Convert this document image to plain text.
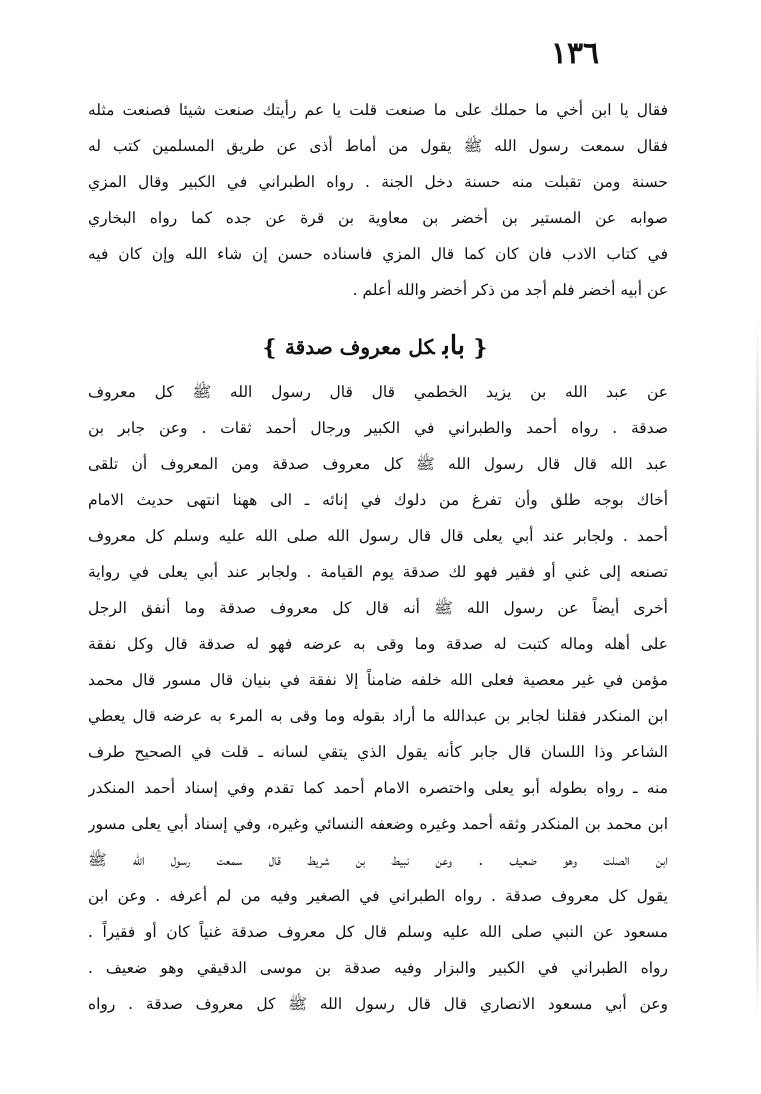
١٣٦
فقال يا ابن أخي ما حملك على ما صنعت قلت يا عم رأيتك صنعت شيئا فصنعت مثله
فقال سمعت رسول الله ﷺ يقول من أماط أذى عن طريق المسلمين كتب له
حسنة ومن تقبلت منه حسنة دخل الجنة . رواه الطبراني في الكبير وقال المزي
صوابه عن المستير بن أخضر بن معاوية بن قرة عن جده كما رواه البخاري
في كتاب الادب فان كان كما قال المزي فاسناده حسن إن شاء الله وإن كان فيه
عن أبيه أخضر فلم أجد من ذكر أخضر والله أعلم .
❴بابكل معروف صدقة❵
عن عبد الله بن يزيد الخطمي قال قال رسول الله ﷺ كل معروف
صدقة . رواه أحمد والطبراني في الكبير ورجال أحمد ثقات . وعن جابر بن
عبد الله قال قال رسول الله ﷺ كل معروف صدقة ومن المعروف أن تلقى
أخاك بوجه طلق وأن تفرغ من دلوك في إنائه ـ الى ههنا انتهى حديث الامام
أحمد . ولجابر عند أبي يعلى قال قال رسول الله صلى الله عليه وسلم كل معروف
تصنعه إلى غني أو فقير فهو لك صدقة يوم القيامة . ولجابر عند أبي يعلى في رواية
أخرى أيضاً عن رسول الله ﷺ أنه قال كل معروف صدقة وما أنفق الرجل
على أهله وماله كتبت له صدقة وما وقى به عرضه فهو له صدقة قال وكل نفقة
مؤمن في غير معصية فعلى الله خلفه ضامناً إلا نفقة في بنيان قال مسور قال محمد
ابن المنكدر فقلنا لجابر بن عبدالله ما أراد بقوله وما وقى به المرء به عرضه قال يعطي
الشاعر وذا اللسان قال جابر كأنه يقول الذي يتقي لسانه ـ قلت في الصحيح طرف
منه ـ رواه بطوله أبو يعلى واختصره الامام أحمد كما تقدم وفي إسناد أحمد المنكدر
ابن محمد بن المنكدر وثقه أحمد وغيره وضعفه النسائي وغيره، وفي إسناد أبي يعلى مسور
ابن الصلت وهو ضعيف . وعن نبيط بن شريط قال سمعت رسول الله ﷺ
يقول كل معروف صدقة . رواه الطبراني في الصغير وفيه من لم أعرفه . وعن ابن
مسعود عن النبي صلى الله عليه وسلم قال كل معروف صدقة غنياً كان أو فقيراً .
رواه الطبراني في الكبير والبزار وفيه صدقة بن موسى الدقيقي وهو ضعيف .
وعن أبي مسعود الانصاري قال قال رسول الله ﷺ كل معروف صدقة . رواه
